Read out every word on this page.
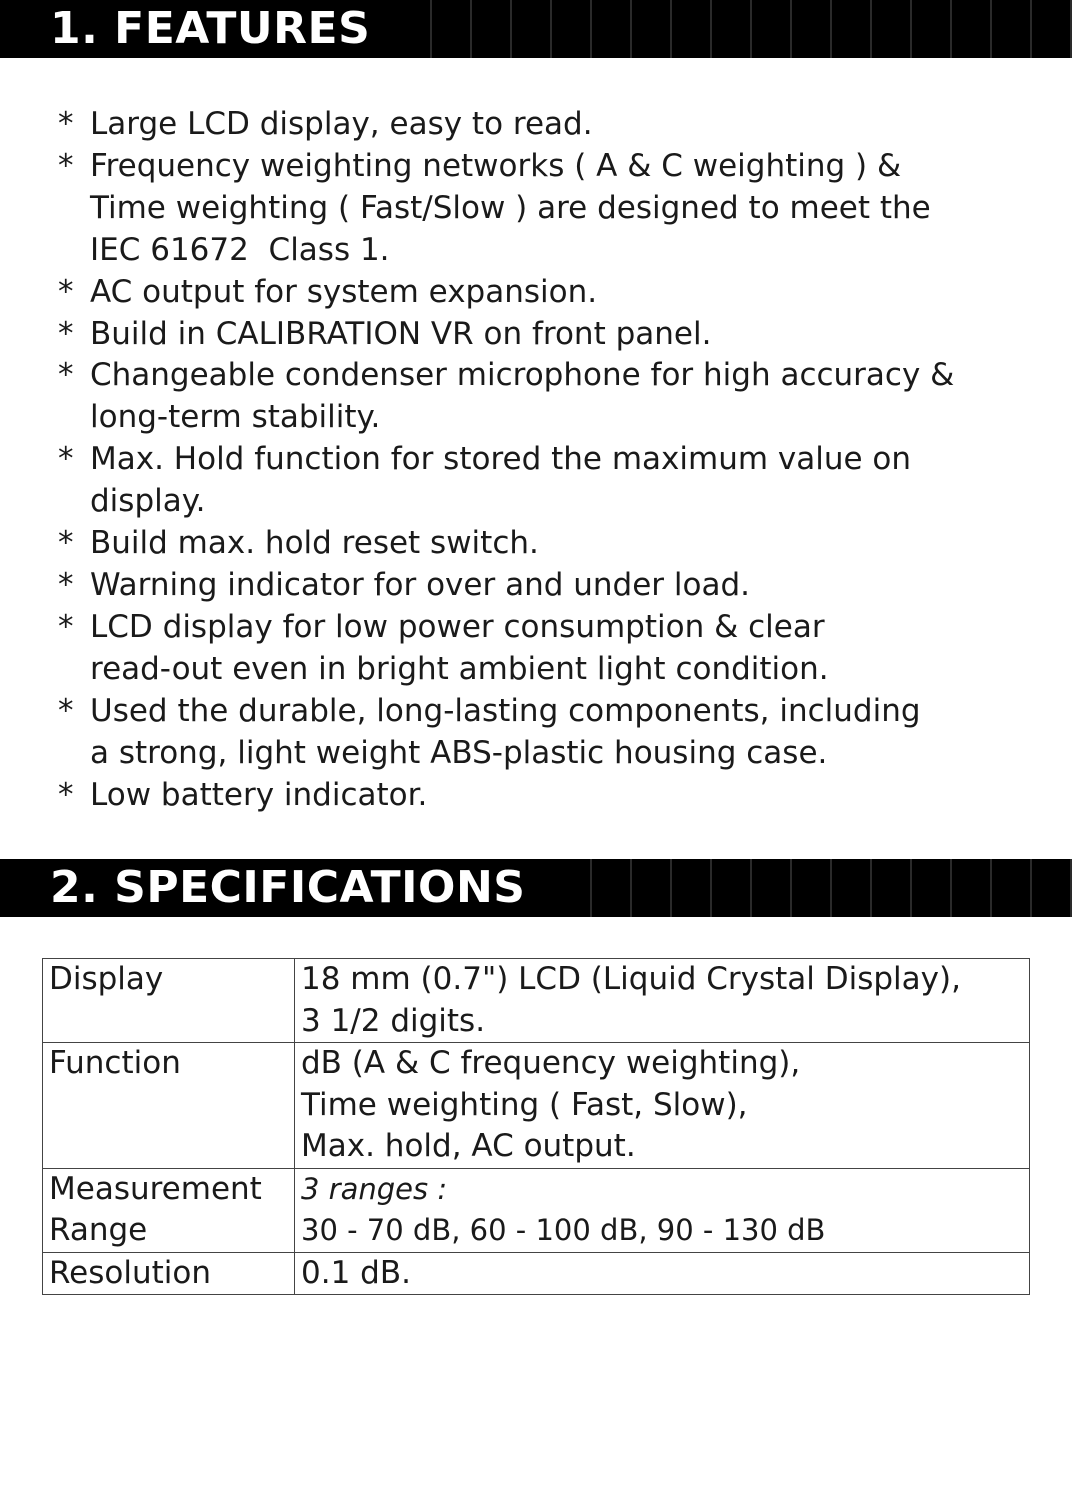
1. FEATURES
* Large LCD display, easy to read.
* Frequency weighting networks ( A & C weighting ) &
Time weighting ( Fast/Slow ) are designed to meet the
IEC 61672  Class 1.
* AC output for system expansion.
* Build in CALIBRATION VR on front panel.
* Changeable condenser microphone for high accuracy &
long-term stability.
* Max. Hold function for stored the maximum value on
display.
* Build max. hold reset switch.
* Warning indicator for over and under load.
* LCD display for low power consumption & clear
read-out even in bright ambient light condition.
* Used the durable, long-lasting components, including
a strong, light weight ABS-plastic housing case.
* Low battery indicator.
2. SPECIFICATIONS
Display	18 mm (0.7") LCD (Liquid Crystal Display),
3 1/2 digits.

Function	dB (A & C frequency weighting),
Time weighting ( Fast, Slow),
Max. hold, AC output.

Measurement
Range	3 ranges :
30 - 70 dB, 60 - 100 dB, 90 - 130 dB

Resolution	0.1 dB.
